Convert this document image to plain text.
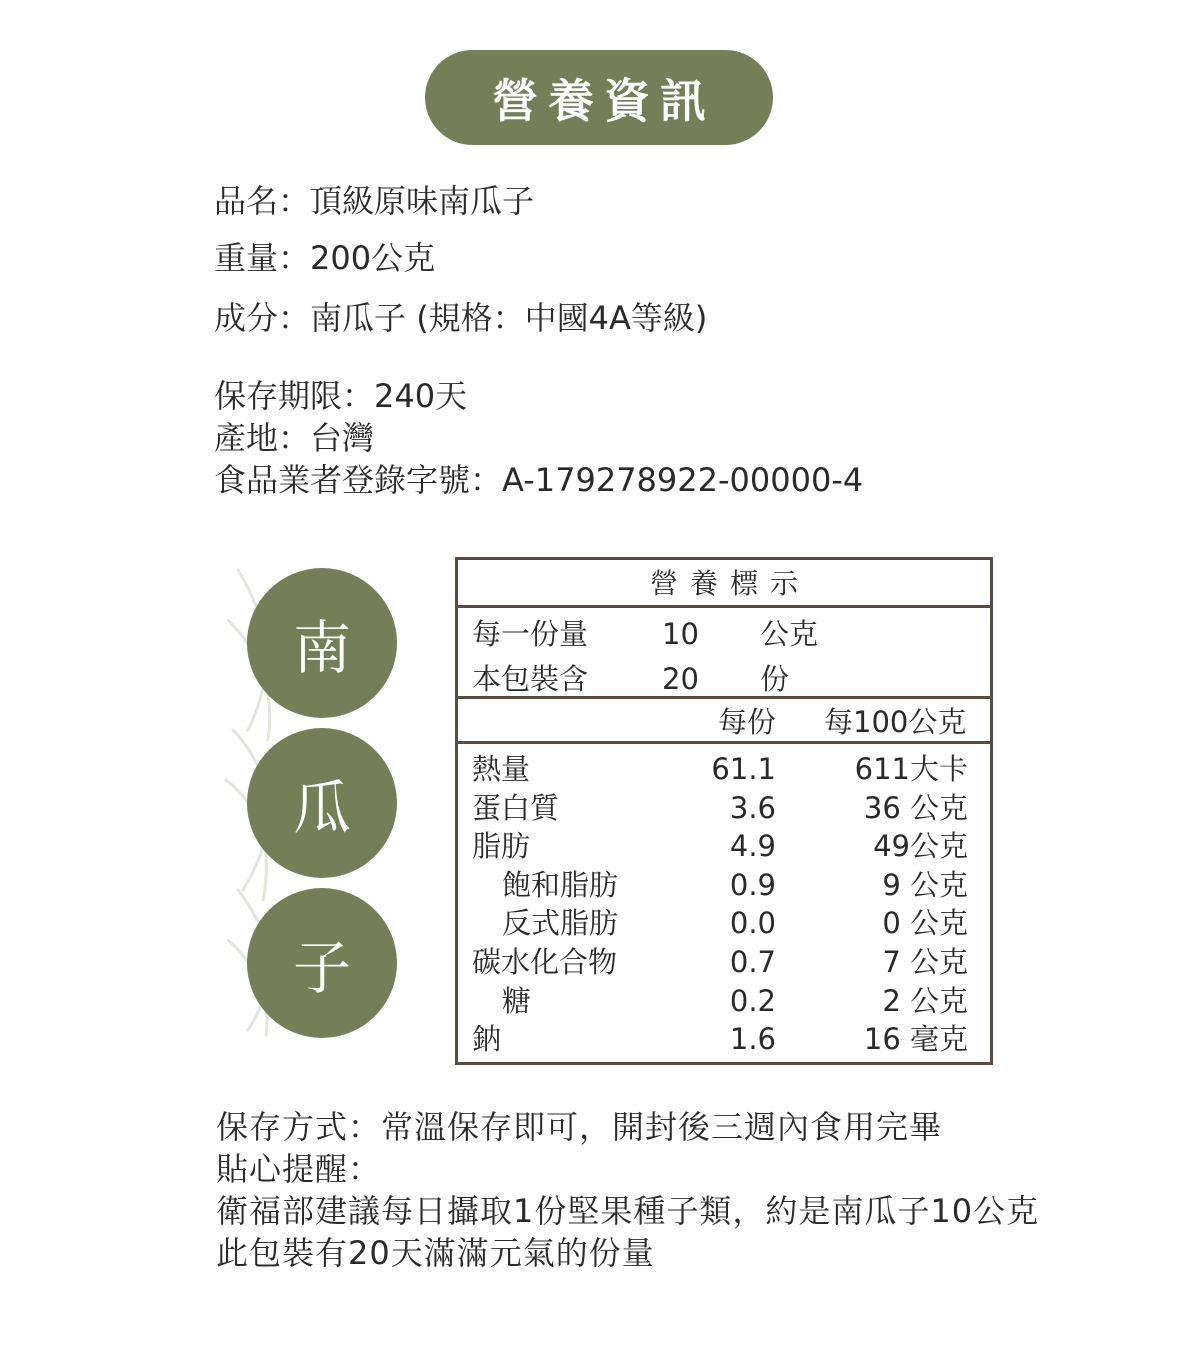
營養資訊
品名：頂級原味南瓜子
重量：200公克
成分：南瓜子 (規格：中國4A等級)
保存期限：240天
產地：台灣
食品業者登錄字號：A-179278922-00000-4
南
瓜
子
營養標示
每一份量	10 公克
本包裝含	20 份
每份 每100公克
熱量	61.1	611大卡
蛋白質	3.6	36 公克
脂肪	4.9	49公克
飽和脂肪	0.9	9 公克
反式脂肪	0.0	0 公克
碳水化合物	0.7	7 公克
糖	0.2	2 公克
鈉	1.6	16 毫克
保存方式：常溫保存即可，開封後三週內食用完畢
貼心提醒：
衛福部建議每日攝取1份堅果種子類，約是南瓜子10公克
此包裝有20天滿滿元氣的份量
